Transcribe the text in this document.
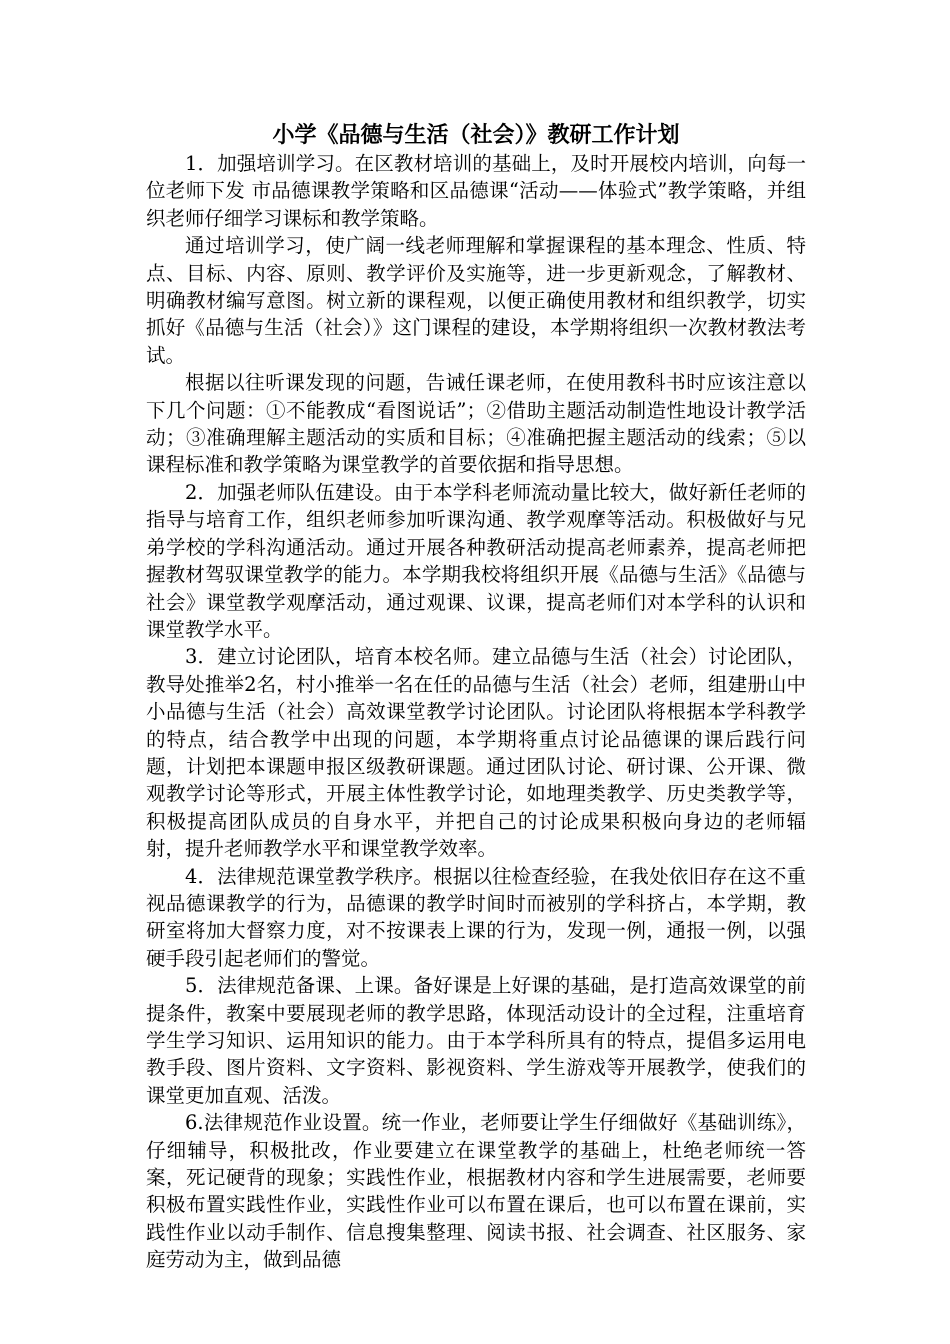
小学《品德与生活（社会）》教研工作计划

1．加强培训学习。在区教材培训的基础上，及时开展校内培训，向每一位老师下发 市品德课教学策略和区品德课“活动——体验式”教学策略，并组织老师仔细学习课标和教学策略。

通过培训学习，使广阔一线老师理解和掌握课程的基本理念、性质、特点、目标、内容、原则、教学评价及实施等，进一步更新观念，了解教材、明确教材编写意图。树立新的课程观，以便正确使用教材和组织教学，切实抓好《品德与生活（社会）》这门课程的建设，本学期将组织一次教材教法考试。

根据以往听课发现的问题，告诫任课老师，在使用教科书时应该注意以下几个问题：①不能教成“看图说话”；②借助主题活动制造性地设计教学活动；③准确理解主题活动的实质和目标；④准确把握主题活动的线索；⑤以课程标准和教学策略为课堂教学的首要依据和指导思想。

2．加强老师队伍建设。由于本学科老师流动量比较大，做好新任老师的指导与培育工作，组织老师参加听课沟通、教学观摩等活动。积极做好与兄弟学校的学科沟通活动。通过开展各种教研活动提高老师素养，提高老师把握教材驾驭课堂教学的能力。本学期我校将组织开展《品德与生活》《品德与社会》课堂教学观摩活动，通过观课、议课，提高老师们对本学科的认识和课堂教学水平。

3．建立讨论团队，培育本校名师。建立品德与生活（社会）讨论团队，教导处推举2名，村小推举一名在任的品德与生活（社会）老师，组建册山中小品德与生活（社会）高效课堂教学讨论团队。讨论团队将根据本学科教学的特点，结合教学中出现的问题，本学期将重点讨论品德课的课后践行问题，计划把本课题申报区级教研课题。通过团队讨论、研讨课、公开课、微观教学讨论等形式，开展主体性教学讨论，如地理类教学、历史类教学等，积极提高团队成员的自身水平，并把自己的讨论成果积极向身边的老师辐射，提升老师教学水平和课堂教学效率。

4．法律规范课堂教学秩序。根据以往检查经验，在我处依旧存在这不重视品德课教学的行为，品德课的教学时间时而被别的学科挤占，本学期，教研室将加大督察力度，对不按课表上课的行为，发现一例，通报一例，以强硬手段引起老师们的警觉。

5．法律规范备课、上课。备好课是上好课的基础，是打造高效课堂的前提条件，教案中要展现老师的教学思路，体现活动设计的全过程，注重培育学生学习知识、运用知识的能力。由于本学科所具有的特点，提倡多运用电教手段、图片资料、文字资料、影视资料、学生游戏等开展教学，使我们的课堂更加直观、活泼。

6.法律规范作业设置。统一作业，老师要让学生仔细做好《基础训练》，仔细辅导，积极批改，作业要建立在课堂教学的基础上，杜绝老师统一答案，死记硬背的现象；实践性作业，根据教材内容和学生进展需要，老师要积极布置实践性作业，实践性作业可以布置在课后，也可以布置在课前，实践性作业以动手制作、信息搜集整理、阅读书报、社会调查、社区服务、家庭劳动为主，做到品德
